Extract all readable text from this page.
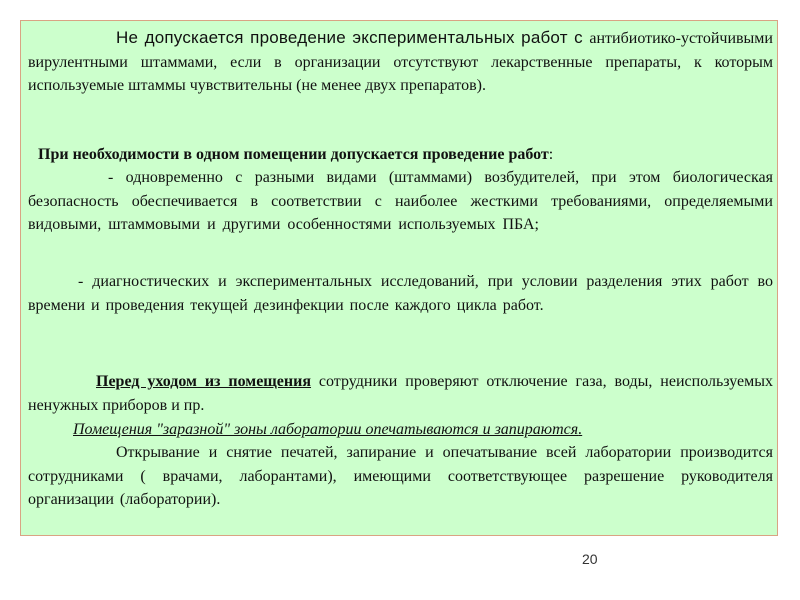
Не допускается проведение экспериментальных работ с антибиотико-устойчивыми вирулентными штаммами, если в организации отсутствуют лекарственные препараты, к которым используемые штаммы чувствительны (не менее двух препаратов).
При необходимости в одном помещении допускается проведение работ:
- одновременно с разными видами (штаммами) возбудителей, при этом биологическая безопасность обеспечивается в соответствии с наиболее жесткими требованиями, определяемыми видовыми, штаммовыми и другими особенностями используемых ПБА;
- диагностических и экспериментальных исследований, при условии разделения этих работ во времени и проведения текущей дезинфекции после каждого цикла работ.
Перед уходом из помещения сотрудники проверяют отключение газа, воды, неиспользуемых ненужных приборов и пр.
Помещения "заразной" зоны лаборатории опечатываются и запираются.
Открывание и снятие печатей, запирание и опечатывание всей лаборатории производится сотрудниками ( врачами, лаборантами), имеющими соответствующее разрешение руководителя организации (лаборатории).
20
